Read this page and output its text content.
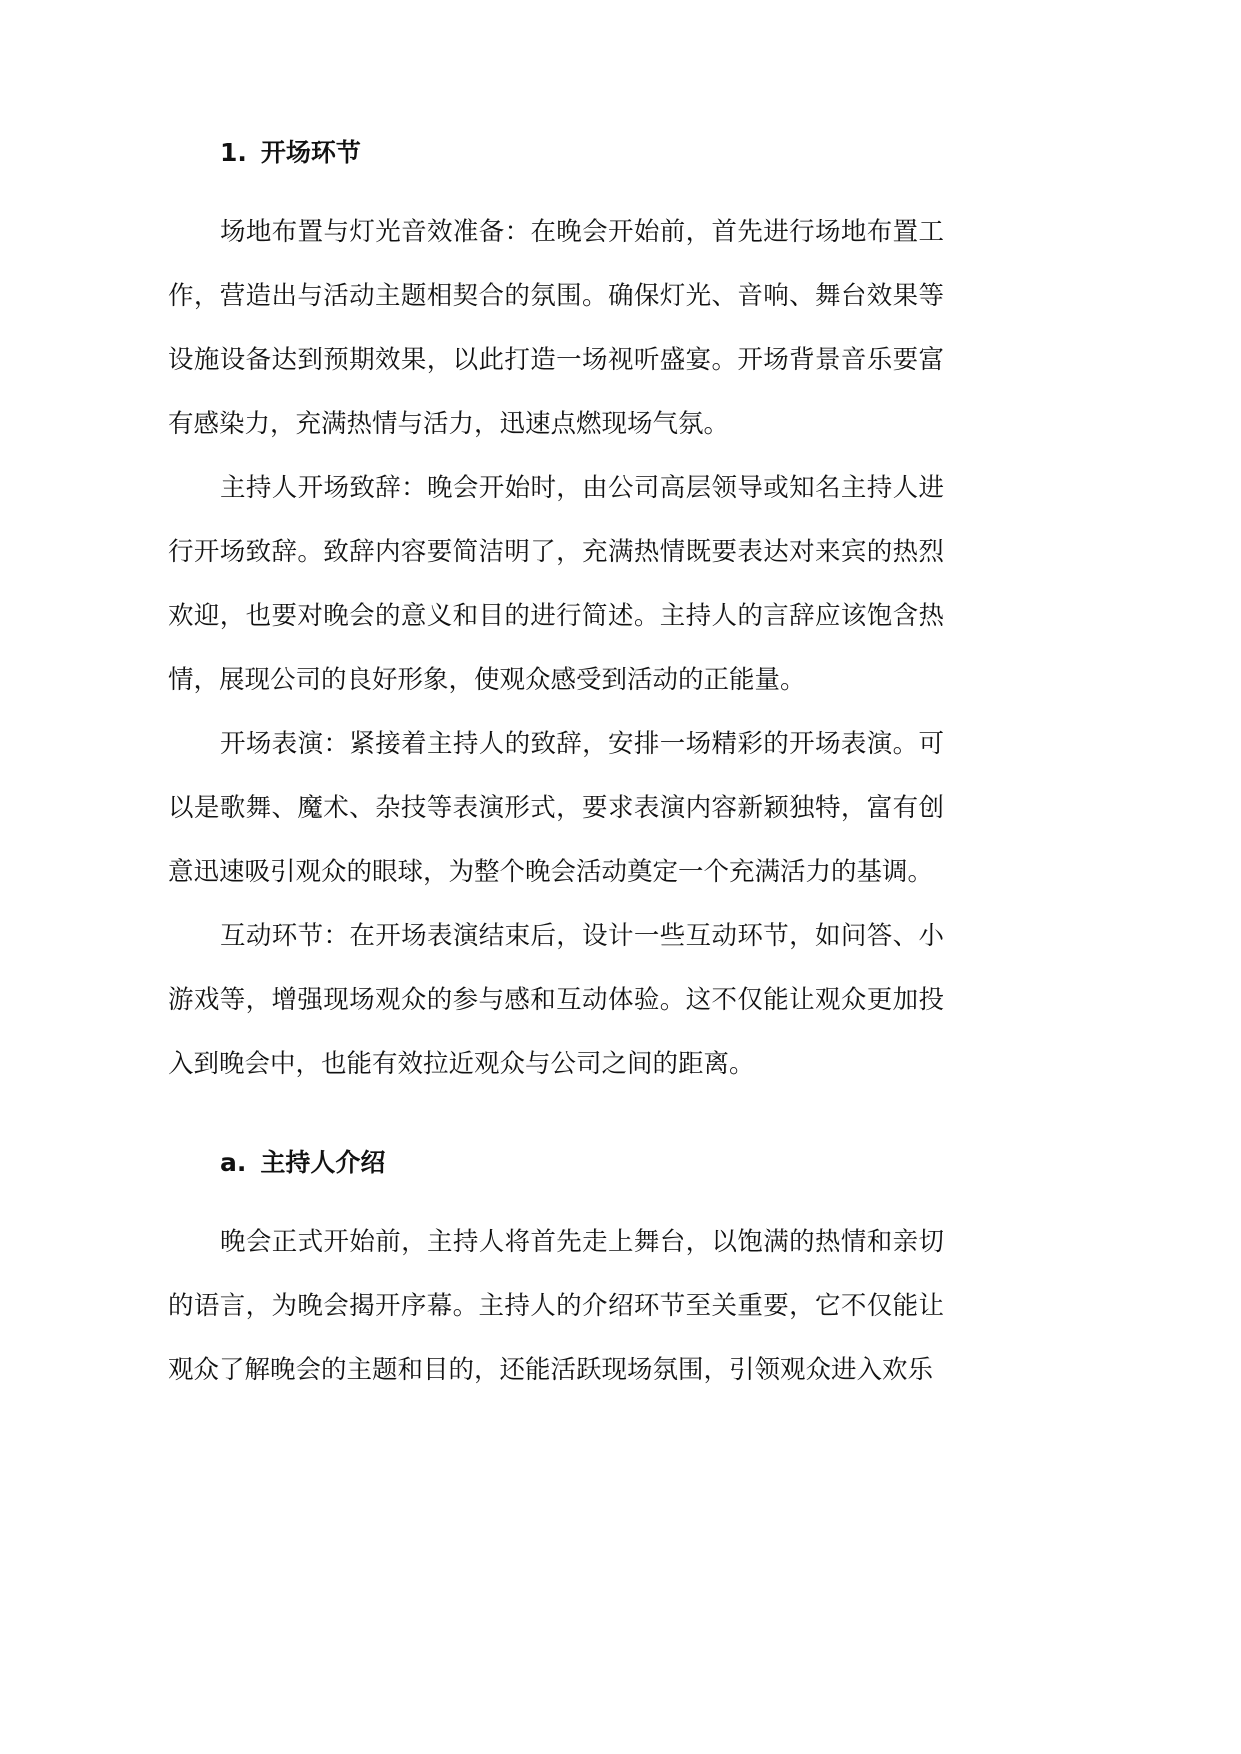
1. 开场环节

场地布置与灯光音效准备：在晚会开始前，首先进行场地布置工作，营造出与活动主题相契合的氛围。确保灯光、音响、舞台效果等设施设备达到预期效果，以此打造一场视听盛宴。开场背景音乐要富有感染力，充满热情与活力，迅速点燃现场气氛。

主持人开场致辞：晚会开始时，由公司高层领导或知名主持人进行开场致辞。致辞内容要简洁明了，充满热情既要表达对来宾的热烈欢迎，也要对晚会的意义和目的进行简述。主持人的言辞应该饱含热情，展现公司的良好形象，使观众感受到活动的正能量。

开场表演：紧接着主持人的致辞，安排一场精彩的开场表演。可以是歌舞、魔术、杂技等表演形式，要求表演内容新颖独特，富有创意迅速吸引观众的眼球，为整个晚会活动奠定一个充满活力的基调。

互动环节：在开场表演结束后，设计一些互动环节，如问答、小游戏等，增强现场观众的参与感和互动体验。这不仅能让观众更加投入到晚会中，也能有效拉近观众与公司之间的距离。

a. 主持人介绍

晚会正式开始前，主持人将首先走上舞台，以饱满的热情和亲切的语言，为晚会揭开序幕。主持人的介绍环节至关重要，它不仅能让观众了解晚会的主题和目的，还能活跃现场氛围，引领观众进入欢乐
